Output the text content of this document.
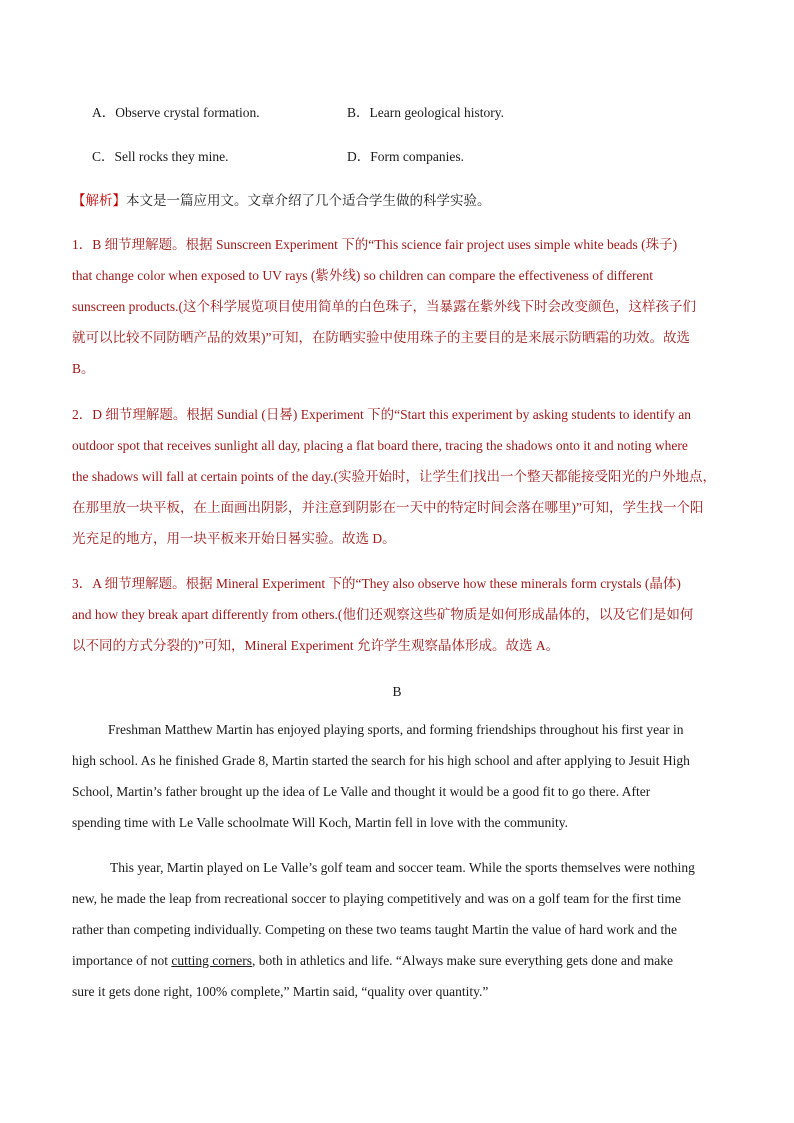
A．Observe crystal formation.	B．Learn geological history.
C．Sell rocks they mine.	D．Form companies.
【解析】本文是一篇应用文。文章介绍了几个适合学生做的科学实验。
1．B 细节理解题。根据 Sunscreen Experiment 下的“This science fair project uses simple white beads (珠子)
that change color when exposed to UV rays (紫外线) so children can compare the effectiveness of different
sunscreen products.(这个科学展览项目使用简单的白色珠子，当暴露在紫外线下时会改变颜色，这样孩子们
就可以比较不同防晒产品的效果)”可知，在防晒实验中使用珠子的主要目的是来展示防晒霜的功效。故选
B。
2．D 细节理解题。根据 Sundial (日晷) Experiment 下的“Start this experiment by asking students to identify an
outdoor spot that receives sunlight all day, placing a flat board there, tracing the shadows onto it and noting where
the shadows will fall at certain points of the day.(实验开始时，让学生们找出一个整天都能接受阳光的户外地点，
在那里放一块平板，在上面画出阴影，并注意到阴影在一天中的特定时间会落在哪里)”可知，学生找一个阳
光充足的地方，用一块平板来开始日晷实验。故选 D。
3．A 细节理解题。根据 Mineral Experiment 下的“They also observe how these minerals form crystals (晶体)
and how they break apart differently from others.(他们还观察这些矿物质是如何形成晶体的，以及它们是如何
以不同的方式分裂的)”可知，Mineral Experiment 允许学生观察晶体形成。故选 A。
B
Freshman Matthew Martin has enjoyed playing sports, and forming friendships throughout his first year in
high school. As he finished Grade 8, Martin started the search for his high school and after applying to Jesuit High
School, Martin’s father brought up the idea of Le Valle and thought it would be a good fit to go there. After
spending time with Le Valle schoolmate Will Koch, Martin fell in love with the community.
This year, Martin played on Le Valle’s golf team and soccer team. While the sports themselves were nothing
new, he made the leap from recreational soccer to playing competitively and was on a golf team for the first time
rather than competing individually. Competing on these two teams taught Martin the value of hard work and the
importance of not cutting corners, both in athletics and life. “Always make sure everything gets done and make
sure it gets done right, 100% complete,” Martin said, “quality over quantity.”
